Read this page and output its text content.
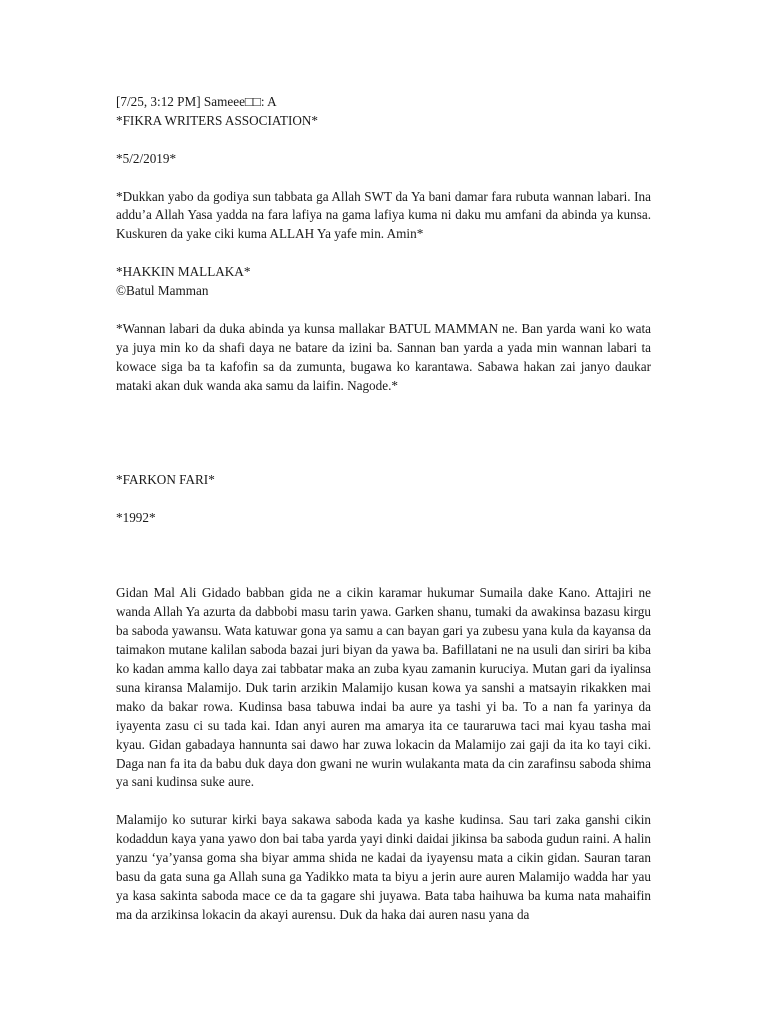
[7/25, 3:12 PM] Sameee□□: A
*FIKRA WRITERS ASSOCIATION*
*5/2/2019*

*Dukkan yabo da godiya sun tabbata ga Allah SWT da Ya bani damar fara rubuta wannan labari. Ina adduʼa Allah Yasa yadda na fara lafiya na gama lafiya kuma ni daku mu amfani da abinda ya kunsa. Kuskuren da yake ciki kuma ALLAH Ya yafe min. Amin*

*HAKKIN MALLAKA*
©Batul Mamman

*Wannan labari da duka abinda ya kunsa mallakar BATUL MAMMAN ne. Ban yarda wani ko wata ya juya min ko da shafi daya ne batare da izini ba. Sannan ban yarda a yada min wannan labari ta kowace siga ba ta kafofin sa da zumunta, bugawa ko karantawa. Sabawa hakan zai janyo daukar mataki akan duk wanda aka samu da laifin. Nagode.*

*FARKON FARI*
*1992*

Gidan Mal Ali Gidado babban gida ne a cikin karamar hukumar Sumaila dake Kano. Attajiri ne wanda Allah Ya azurta da dabbobi masu tarin yawa. Garken shanu, tumaki da awakinsa bazasu kirgu ba saboda yawansu. Wata katuwar gona ya samu a can bayan gari ya zubesu yana kula da kayansa da taimakon mutane kalilan saboda bazai juri biyan da yawa ba. Bafillatani ne na usuli dan siriri ba kiba ko kadan amma kallo daya zai tabbatar maka an zuba kyau zamanin kuruciya. Mutan gari da iyalinsa suna kiransa Malamijo. Duk tarin arzikin Malamijo kusan kowa ya sanshi a matsayin rikakken mai mako da bakar rowa. Kudinsa basa tabuwa indai ba aure ya tashi yi ba. To a nan fa yarinya da iyayenta zasu ci su tada kai. Idan anyi auren ma amarya ita ce tauraruwa taci mai kyau tasha mai kyau. Gidan gabadaya hannunta sai dawo har zuwa lokacin da Malamijo zai gaji da ita ko tayi ciki. Daga nan fa ita da babu duk daya don gwani ne wurin wulakanta mata da cin zarafinsu saboda shima ya sani kudinsa suke aure.

Malamijo ko suturar kirki baya sakawa saboda kada ya kashe kudinsa. Sau tari zaka ganshi cikin kodaddun kaya yana yawo don bai taba yarda yayi dinki daidai jikinsa ba saboda gudun raini. A halin yanzu ʻyaʼyansa goma sha biyar amma shida ne kadai da iyayensu mata a cikin gidan. Sauran taran basu da gata suna ga Allah suna ga Yadikko mata ta biyu a jerin aure auren Malamijo wadda har yau ya kasa sakinta saboda mace ce da ta gagare shi juyawa. Bata taba haihuwa ba kuma nata mahaifin ma da arzikinsa lokacin da akayi aurensu. Duk da haka dai auren nasu yana da
